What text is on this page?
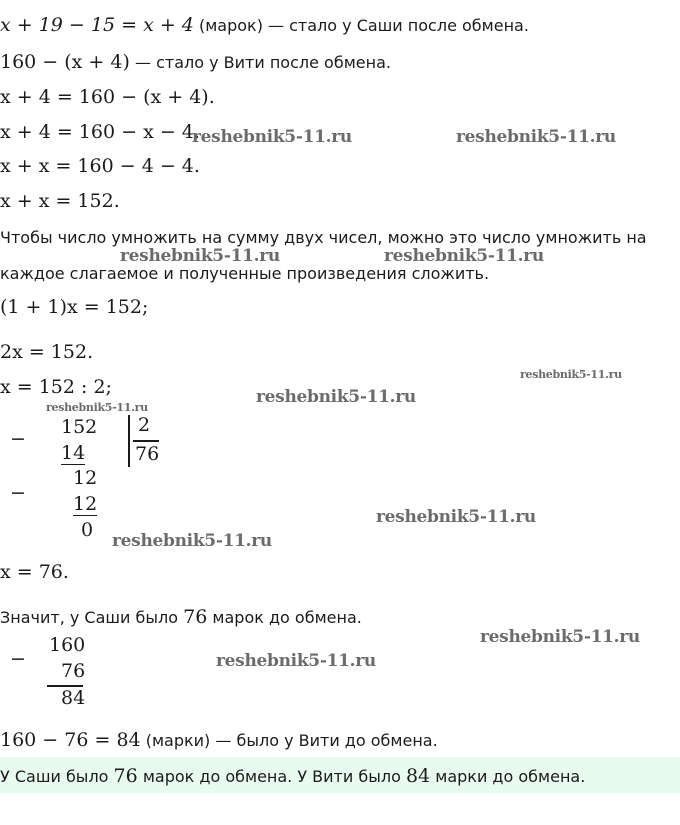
x + 19 − 15 = x + 4 (марок) — стало у Саши после обмена.
160 − (x + 4) — стало у Вити после обмена.
x + 4 = 160 − (x + 4).
x + 4 = 160 − x − 4.
x + x = 160 − 4 − 4.
x + x = 152.
Чтобы число умножить на сумму двух чисел, можно это число умножить на
каждое слагаемое и полученные произведения сложить.
(1 + 1)x = 152;
2x = 152.
x = 152 : 2;
−
152 2
76
14
−
12
12
0
x = 76.
Значит, у Саши было 76 марок до обмена.
−
160
76
84
160 − 76 = 84 (марки) — было у Вити до обмена.
У Саши было 76 марок до обмена. У Вити было 84 марки до обмена.
reshebnik5-11.ru	reshebnik5-11.ru
reshebnik5-11.ru	reshebnik5-11.ru
reshebnik5-11.ru
reshebnik5-11.ru
reshebnik5-11.ru
reshebnik5-11.ru
reshebnik5-11.ru
reshebnik5-11.ru
reshebnik5-11.ru
